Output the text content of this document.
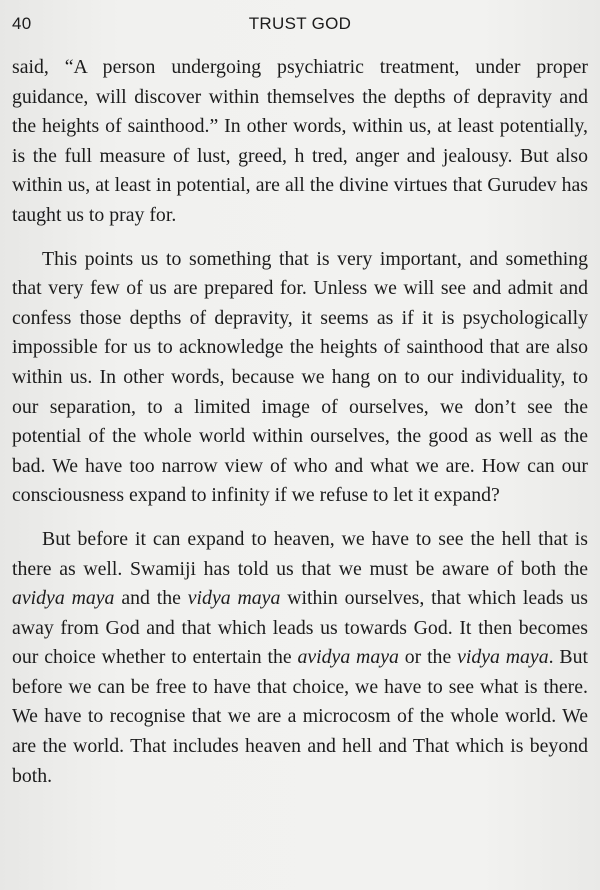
40	TRUST GOD

said, “A person undergoing psychiatric treatment, under proper guidance, will discover within themselves the depths of depravity and the heights of sainthood.” In other words, within us, at least potentially, is the full measure of lust, greed, h tred, anger and jealousy. But also within us, at least in potential, are all the divine virtues that Gurudev has taught us to pray for.

This points us to something that is very important, and something that very few of us are prepared for. Unless we will see and admit and confess those depths of depravity, it seems as if it is psychologically impossible for us to acknowledge the heights of sainthood that are also within us. In other words, because we hang on to our individuality, to our separation, to a limited image of ourselves, we don’t see the potential of the whole world within ourselves, the good as well as the bad. We have too narrow view of who and what we are. How can our consciousness expand to infinity if we refuse to let it expand?

But before it can expand to heaven, we have to see the hell that is there as well. Swamiji has told us that we must be aware of both the avidya maya and the vidya maya within ourselves, that which leads us away from God and that which leads us towards God. It then becomes our choice whether to entertain the avidya maya or the vidya maya. But before we can be free to have that choice, we have to see what is there. We have to recognise that we are a microcosm of the whole world. We are the world. That includes heaven and hell and That which is beyond both.
